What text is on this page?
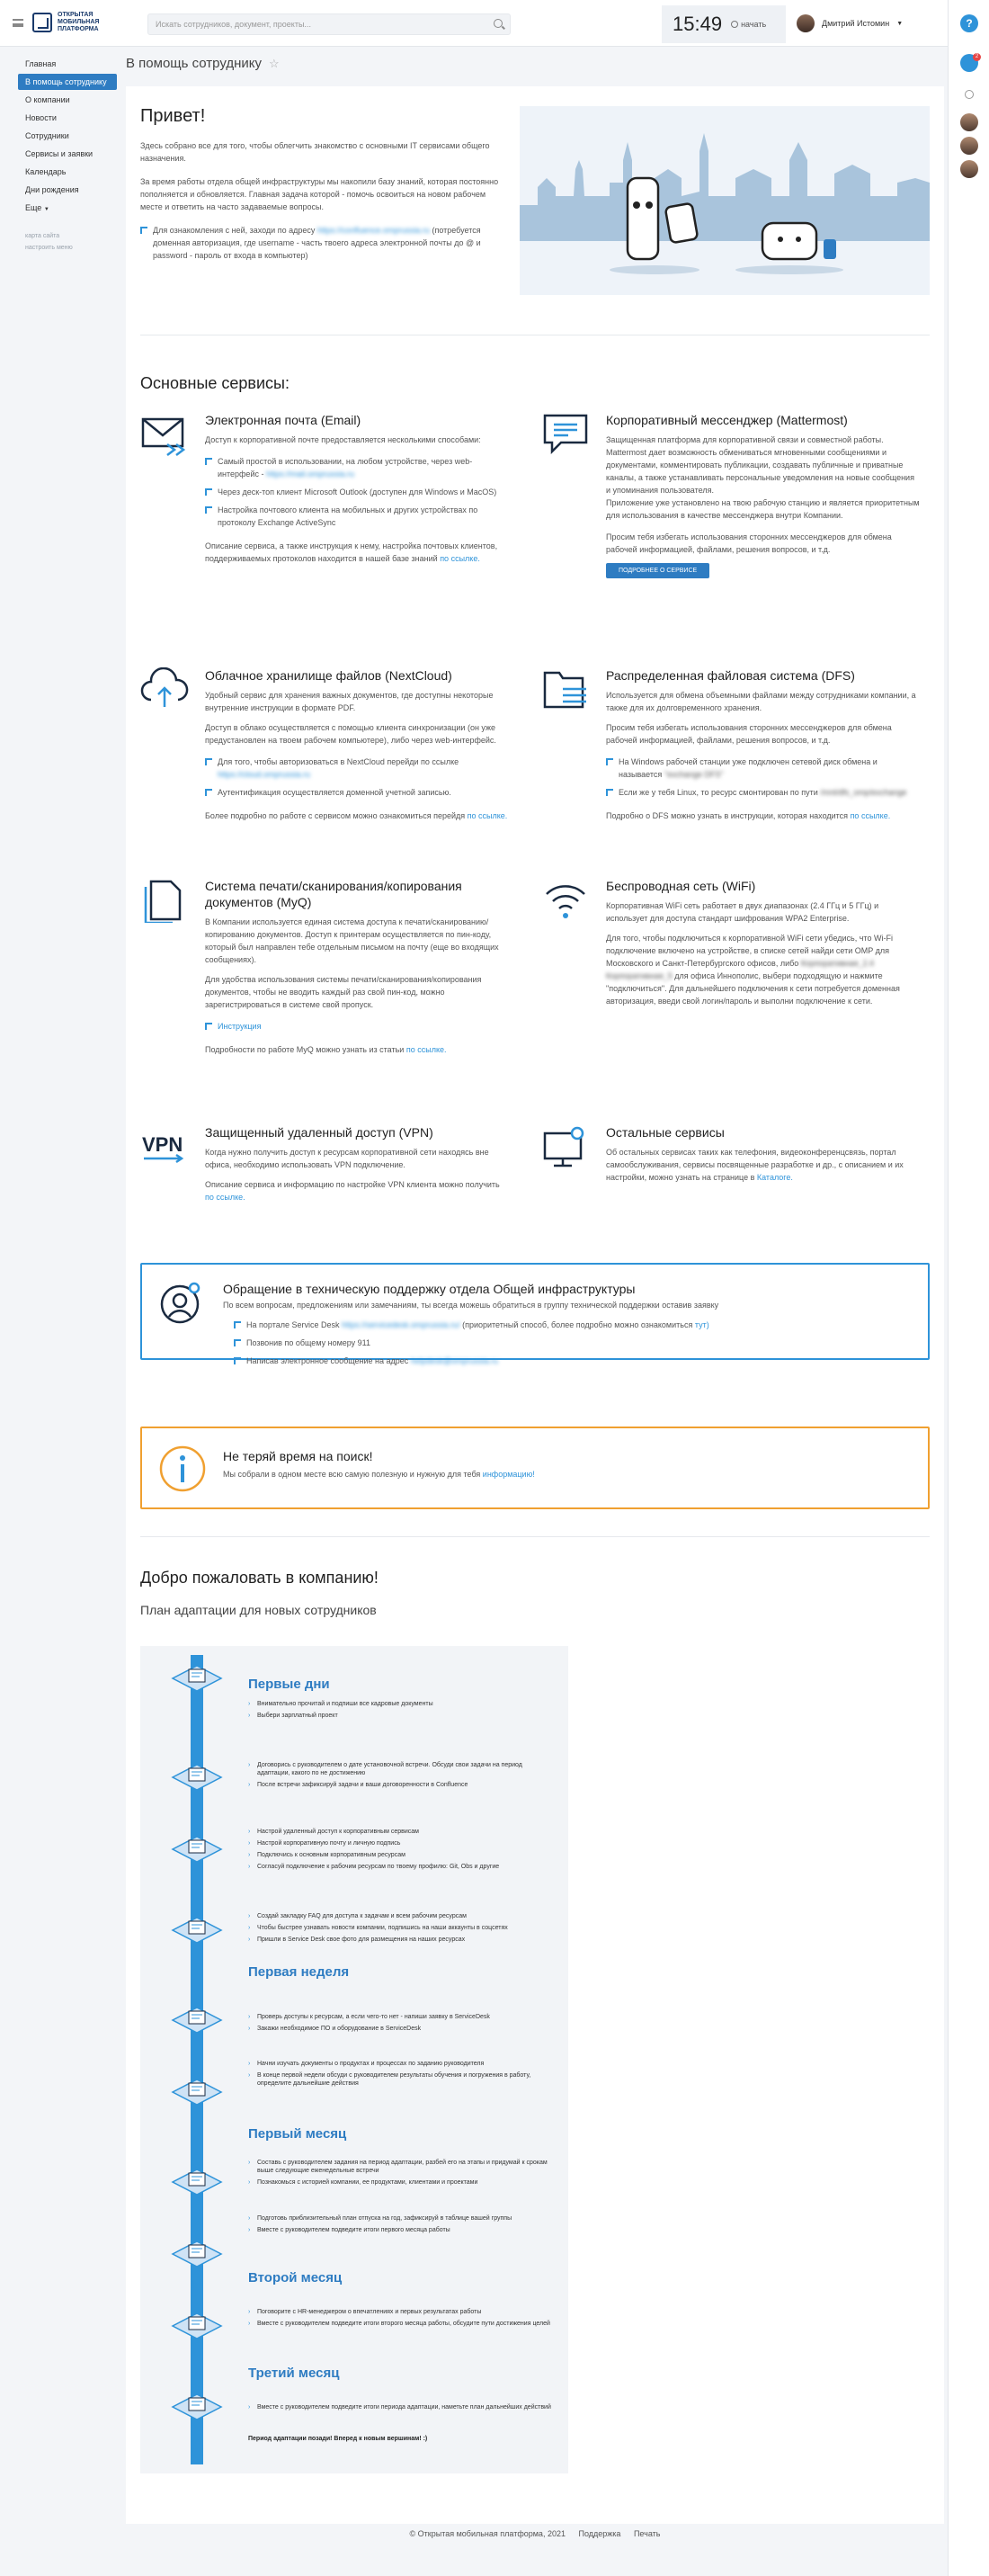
ОТКРЫТАЯ МОБИЛЬНАЯ ПЛАТФОРМА
Искать сотрудников, документ, проекты...	15:49 начать	Дмитрий Истомин ▼	?
2
Главная
В помощь сотруднику
О компании
Новости
Сотрудники
Сервисы и заявки
Календарь
Дни рождения
Еще ▼
карта сайта
настроить меню
В помощь сотруднику ☆
Привет!

Здесь собрано все для того, чтобы облегчить знакомство с основными IT сервисами общего назначения.

За время работы отдела общей инфраструктуры мы накопили базу знаний, которая постоянно пополняется и обновляется. Главная задача которой - помочь освоиться на новом рабочем месте и ответить на часто задаваемые вопросы.

Для ознакомления с ней, заходи по адресу https://confluence.omprussia.ru (потребуется доменная авторизация, где username - часть твоего адреса электронной почты до @ и password - пароль от входа в компьютер)
Основные сервисы:
Электронная почта (Email)

Доступ к корпоративной почте предоставляется несколькими способами:

Самый простой в использовании, на любом устройстве, через web-интерфейс - https://mail.omprussia.ru
Через деск-топ клиент Microsoft Outlook (доступен для Windows и MacOS)
Настройка почтового клиента на мобильных и других устройствах по протоколу Exchange ActiveSync

Описание сервиса, а также инструкция к нему, настройка почтовых клиентов, поддерживаемых протоколов находится в нашей базе знаний по ссылке.

Корпоративный мессенджер (Mattermost)

Защищенная платформа для корпоративной связи и совместной работы. Mattermost дает возможность обмениваться мгновенными сообщениями и документами, комментировать публикации, создавать публичные и приватные каналы, а также устанавливать персональные уведомления на новые сообщения и упоминания пользователя.

Приложение уже установлено на твою рабочую станцию и является приоритетным для использования в качестве мессенджера внутри Компании.

Просим тебя избегать использования сторонних мессенджеров для обмена рабочей информацией, файлами, решения вопросов, и т.д.

ПОДРОБНЕЕ О СЕРВИСЕ
Облачное хранилище файлов (NextCloud)

Удобный сервис для хранения важных документов, где доступны некоторые внутренние инструкции в формате PDF.

Доступ в облако осуществляется с помощью клиента синхронизации (он уже предустановлен на твоем рабочем компьютере), либо через web-интерфейс.

Для того, чтобы авторизоваться в NextCloud перейди по ссылке https://cloud.omprussia.ru
Аутентификация осуществляется доменной учетной записью.

Более подробно по работе с сервисом можно ознакомиться перейдя по ссылке.

Распределенная файловая система (DFS)

Используется для обмена объемными файлами между сотрудниками компании, а также для их долговременного хранения.

Просим тебя избегать использования сторонних мессенджеров для обмена рабочей информацией, файлами, решения вопросов, и т.д.

На Windows рабочей станции уже подключен сетевой диск обмена и называется "exchange DFS"
Если же у тебя Linux, то ресурс смонтирован по пути /mnt/dfs_omp/exchange

Подробно о DFS можно узнать в инструкции, которая находится по ссылке.

Система печати/сканирования/копирования документов (MyQ)

В Компании используется единая система доступа к печати/сканированию/копированию документов. Доступ к принтерам осуществляется по пин-коду, который был направлен тебе отдельным письмом на почту (еще во входящих сообщениях).

Для удобства использования системы печати/сканирования/копирования документов, чтобы не вводить каждый раз свой пин-код, можно зарегистрироваться в системе свой пропуск.

Инструкция

Подробности по работе MyQ можно узнать из статьи по ссылке.

Беспроводная сеть (WiFi)

Корпоративная WiFi сеть работает в двух диапазонах (2.4 ГГц и 5 ГГц) и использует для доступа стандарт шифрования WPA2 Enterprise.

Для того, чтобы подключиться к корпоративной WiFi сети убедись, что Wi-Fi подключение включено на устройстве, в списке сетей найди сети OMP для Московского и Санкт-Петербургского офисов, либо Корпоративная_2.4 Корпоративная_5 для офиса Иннополис, выбери подходящую и нажмите "подключиться". Для дальнейшего подключения к сети потребуется доменная авторизация, введи свой логин/пароль и выполни подключение к сети.

VPN
Защищенный удаленный доступ (VPN)

Когда нужно получить доступ к ресурсам корпоративной сети находясь вне офиса, необходимо использовать VPN подключение.

Описание сервиса и информацию по настройке VPN клиента можно получить по ссылке.

Остальные сервисы

Об остальных сервисах таких как телефония, видеоконференцсвязь, портал самообслуживания, сервисы посвященные разработке и др., с описанием и их настройки, можно узнать на странице в Каталоге.

Обращение в техническую поддержку отдела Общей инфраструктуры

По всем вопросам, предложениям или замечаниям, ты всегда можешь обратиться в группу технической поддержки оставив заявку

На портале Service Desk https://servicedesk.omprussia.ru/ (приоритетный способ, более подробно можно ознакомиться тут)
Позвонив по общему номеру 911
Написав электронное сообщение на адрес helpdesk@omprussia.ru
Не теряй время на поиск!

Мы собрали в одном месте всю самую полезную и нужную для тебя информацию!

Добро пожаловать в компанию!
План адаптации для новых сотрудников
Первые дни
Первая неделя
Первый месяц
Второй месяц
Третий месяц
› Внимательно прочитай и подпиши все кадровые документы
› Выбери зарплатный проект
› Договорись с руководителем о дате установочной встречи. Обсуди свои задачи на период адаптации, какого по не достижению
› После встречи зафиксируй задачи и ваши договоренности в Confluence
› Настрой удаленный доступ к корпоративным сервисам
› Настрой корпоративную почту и личную подпись
› Подключись к основным корпоративным ресурсам
› Согласуй подключение к рабочим ресурсам по твоему профилю: Git, Obs и другие
› Создай закладку FAQ для доступа к задачам и всем рабочим ресурсам
› Чтобы быстрее узнавать новости компании, подпишись на наши аккаунты в соцсетях
› Пришли в Service Desk свое фото для размещения на наших ресурсах
› Проверь доступы к ресурсам, а если чего-то нет - напиши заявку в ServiceDesk
› Закажи необходимое ПО и оборудование в ServiceDesk
› Начни изучать документы о продуктах и процессах по заданию руководителя
› В конце первой недели обсуди с руководителем результаты обучения и погружения в работу, определите дальнейшие действия
› Составь с руководителем задания на период адаптации, разбей его на этапы и придумай к срокам выше следующие еженедельные встречи
› Познакомься с историей компании, ее продуктами, клиентами и проектами
› Подготовь приблизительный план отпуска на год, зафиксируй в таблице вашей группы
› Вместе с руководителем подведите итоги первого месяца работы
› Поговорите с HR-менеджером о впечатлениях и первых результатах работы
› Вместе с руководителем подведите итоги второго месяца работы, обсудите пути достижения целей
› Вместе с руководителем подведите итоги периода адаптации, наметьте план дальнейших действий
Период адаптации позади! Вперед к новым вершинам! :)
© Открытая мобильная платформа, 2021 Поддержка Печать
